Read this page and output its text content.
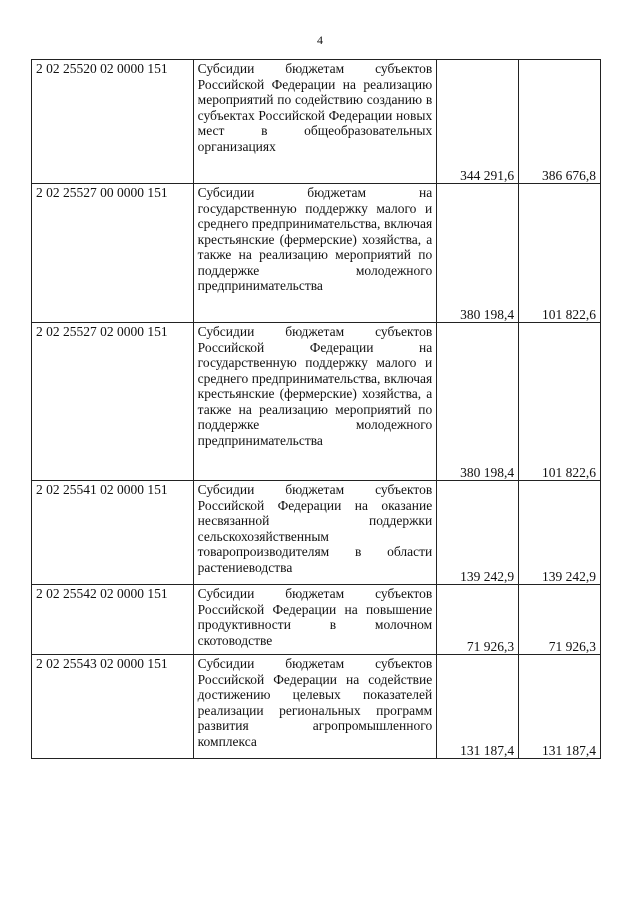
4
2 02 25520 02 0000 151	Субсидии бюджетам субъектов Российской Федерации на реализацию мероприятий по содействию созданию в субъектах Российской Федерации новых мест в общеобразовательных организациях	344 291,6	386 676,8
2 02 25527 00 0000 151	Субсидии бюджетам на государственную поддержку малого и среднего предпринимательства, включая крестьянские (фермерские) хозяйства, а также на реализацию мероприятий по поддержке молодежного предпринимательства	380 198,4	101 822,6
2 02 25527 02 0000 151	Субсидии бюджетам субъектов Российской Федерации на государственную поддержку малого и среднего предпринимательства, включая крестьянские (фермерские) хозяйства, а также на реализацию мероприятий по поддержке молодежного предпринимательства	380 198,4	101 822,6
2 02 25541 02 0000 151	Субсидии бюджетам субъектов Российской Федерации на оказание несвязанной поддержки сельскохозяйственным товаропроизводителям в области растениеводства	139 242,9	139 242,9
2 02 25542 02 0000 151	Субсидии бюджетам субъектов Российской Федерации на повышение продуктивности в молочном скотоводстве	71 926,3	71 926,3
2 02 25543 02 0000 151	Субсидии бюджетам субъектов Российской Федерации на содействие достижению целевых показателей реализации региональных программ развития агропромышленного комплекса	131 187,4	131 187,4
